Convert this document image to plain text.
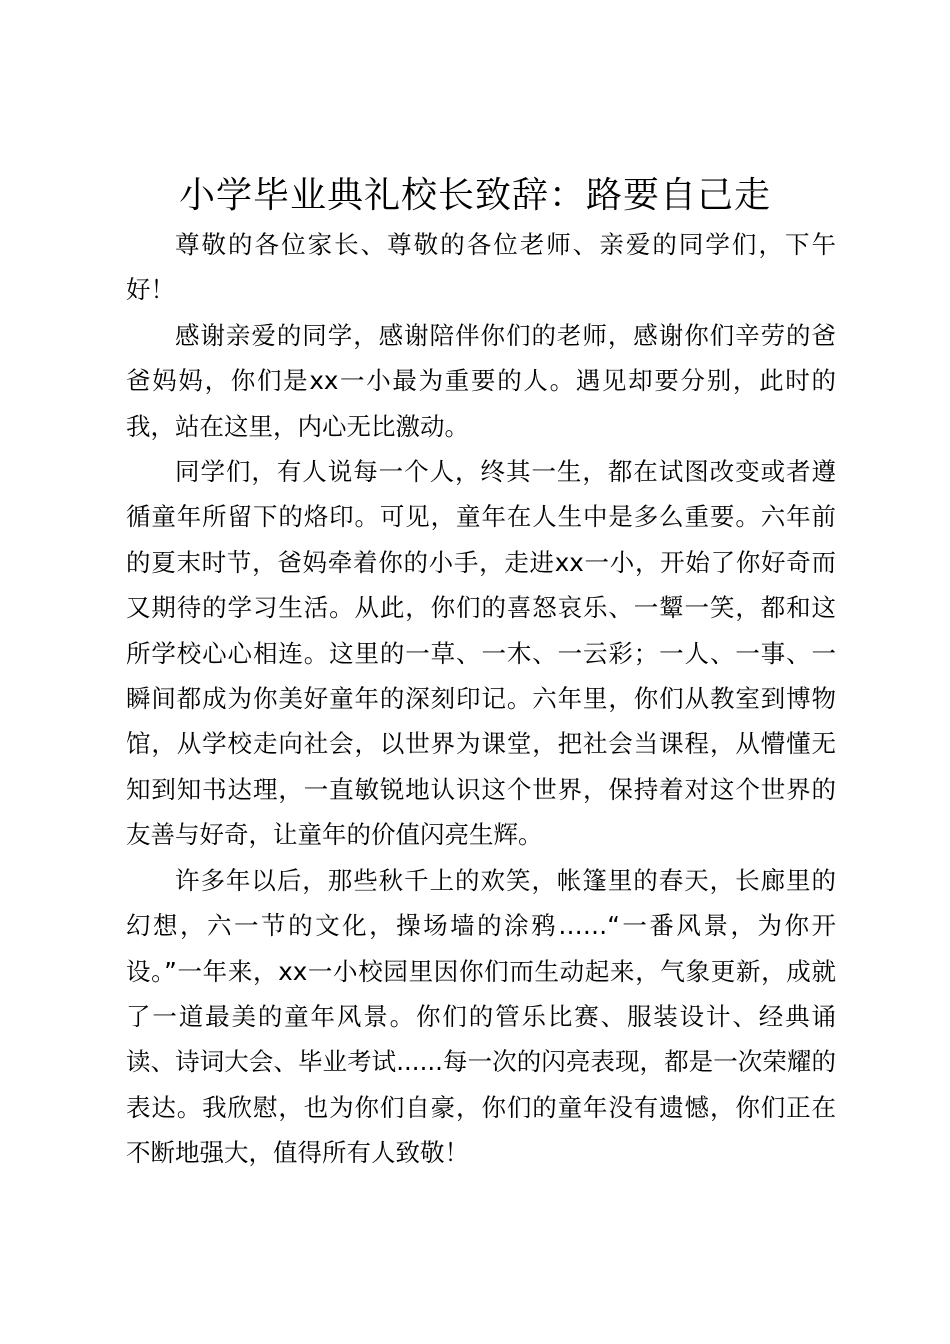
小学毕业典礼校长致辞：路要自己走

尊敬的各位家长、尊敬的各位老师、亲爱的同学们，下午好！

感谢亲爱的同学，感谢陪伴你们的老师，感谢你们辛劳的爸爸妈妈，你们是xx一小最为重要的人。遇见却要分别，此时的我，站在这里，内心无比激动。

同学们，有人说每一个人，终其一生，都在试图改变或者遵循童年所留下的烙印。可见，童年在人生中是多么重要。六年前的夏末时节，爸妈牵着你的小手，走进xx一小，开始了你好奇而又期待的学习生活。从此，你们的喜怒哀乐、一颦一笑，都和这所学校心心相连。这里的一草、一木、一云彩；一人、一事、一瞬间都成为你美好童年的深刻印记。六年里，你们从教室到博物馆，从学校走向社会，以世界为课堂，把社会当课程，从懵懂无知到知书达理，一直敏锐地认识这个世界，保持着对这个世界的友善与好奇，让童年的价值闪亮生辉。

许多年以后，那些秋千上的欢笑，帐篷里的春天，长廊里的幻想，六一节的文化，操场墙的涂鸦……“一番风景，为你开设。”一年来，xx一小校园里因你们而生动起来，气象更新，成就了一道最美的童年风景。你们的管乐比赛、服装设计、经典诵读、诗词大会、毕业考试......每一次的闪亮表现，都是一次荣耀的表达。我欣慰，也为你们自豪，你们的童年没有遗憾，你们正在不断地强大，值得所有人致敬！
